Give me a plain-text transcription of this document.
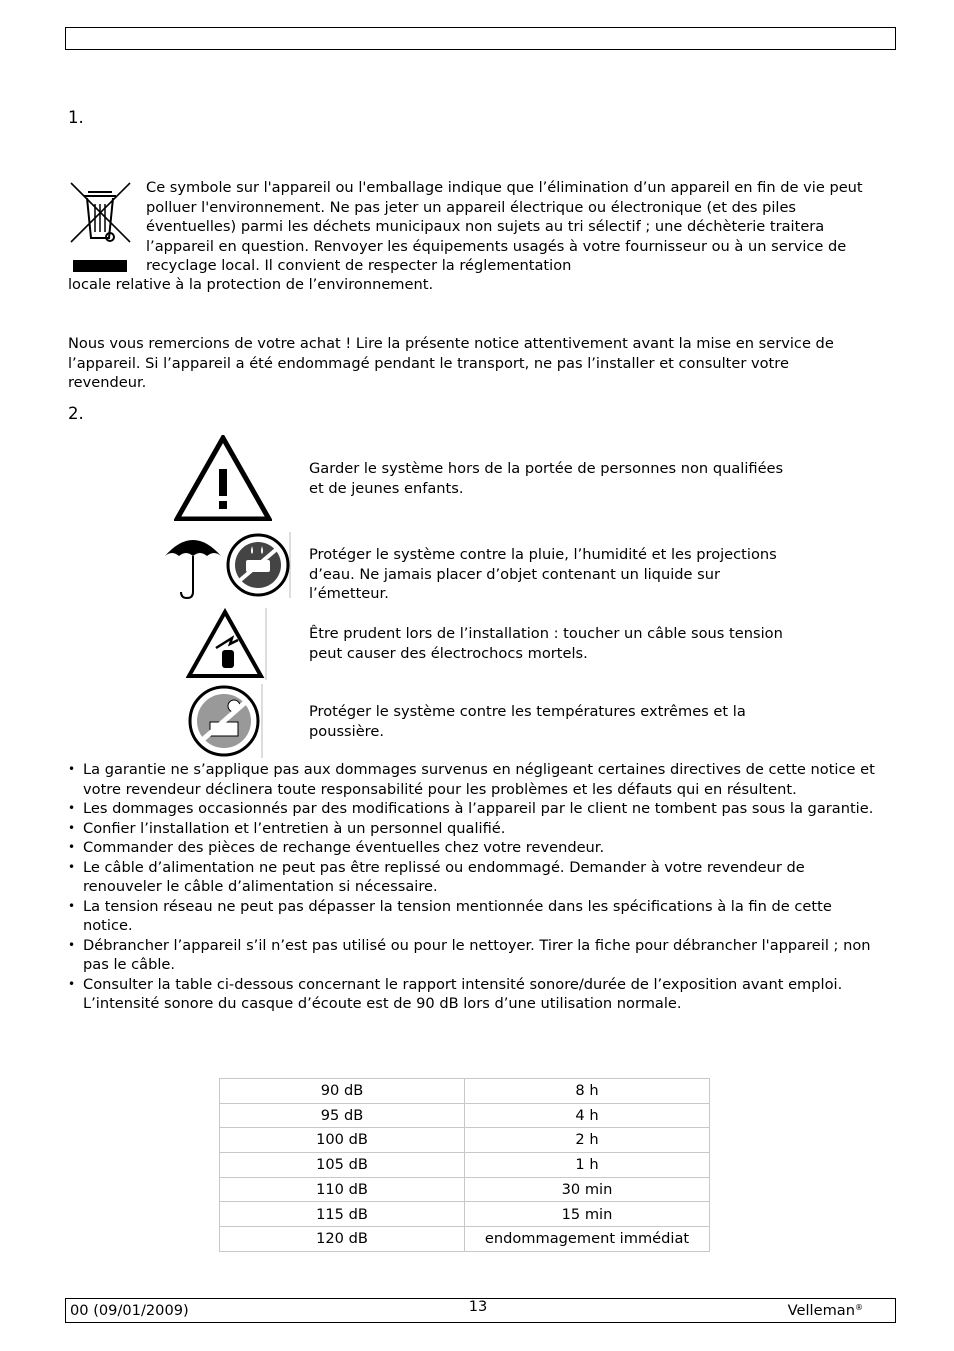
1.
Ce symbole sur l'appareil ou l'emballage indique que l’élimination d’un appareil en fin de vie peut polluer l'environnement. Ne pas jeter un appareil électrique ou électronique (et des piles éventuelles) parmi les déchets municipaux non sujets au tri sélectif ; une déchèterie traitera l’appareil en question. Renvoyer les équipements usagés à votre fournisseur ou à un service de recyclage local. Il convient de respecter la réglementation
locale relative à la protection de l’environnement.
Nous vous remercions de votre achat ! Lire la présente notice attentivement avant la mise en service de l’appareil. Si l’appareil a été endommagé pendant le transport, ne pas l’installer et consulter votre revendeur.
2.
Garder le système hors de la portée de personnes non qualifiées et de jeunes enfants.
Protéger le système contre la pluie, l’humidité et les projections d’eau. Ne jamais placer d’objet contenant un liquide sur l’émetteur.
Être prudent lors de l’installation : toucher un câble sous tension peut causer des électrochocs mortels.
Protéger le système contre les températures extrêmes et la poussière.
• La garantie ne s’applique pas aux dommages survenus en négligeant certaines directives de cette notice et votre revendeur déclinera toute responsabilité pour les problèmes et les défauts qui en résultent.
• Les dommages occasionnés par des modifications à l’appareil par le client ne tombent pas sous la garantie.
• Confier l’installation et l’entretien à un personnel qualifié.
• Commander des pièces de rechange éventuelles chez votre revendeur.
• Le câble d’alimentation ne peut pas être replissé ou endommagé. Demander à votre revendeur de renouveler le câble d’alimentation si nécessaire.
• La tension réseau ne peut pas dépasser la tension mentionnée dans les spécifications à la fin de cette notice.
• Débrancher l’appareil s’il n’est pas utilisé ou pour le nettoyer. Tirer la fiche pour débrancher l'appareil ; non pas le câble.
• Consulter la table ci-dessous concernant le rapport intensité sonore/durée de l’exposition avant emploi. L’intensité sonore du casque d’écoute est de 90 dB lors d’une utilisation normale.
90 dB	8 h
95 dB	4 h
100 dB	2 h
105 dB	1 h
110 dB	30 min
115 dB	15 min
120 dB	endommagement immédiat
00 (09/01/2009)	13	Velleman®
